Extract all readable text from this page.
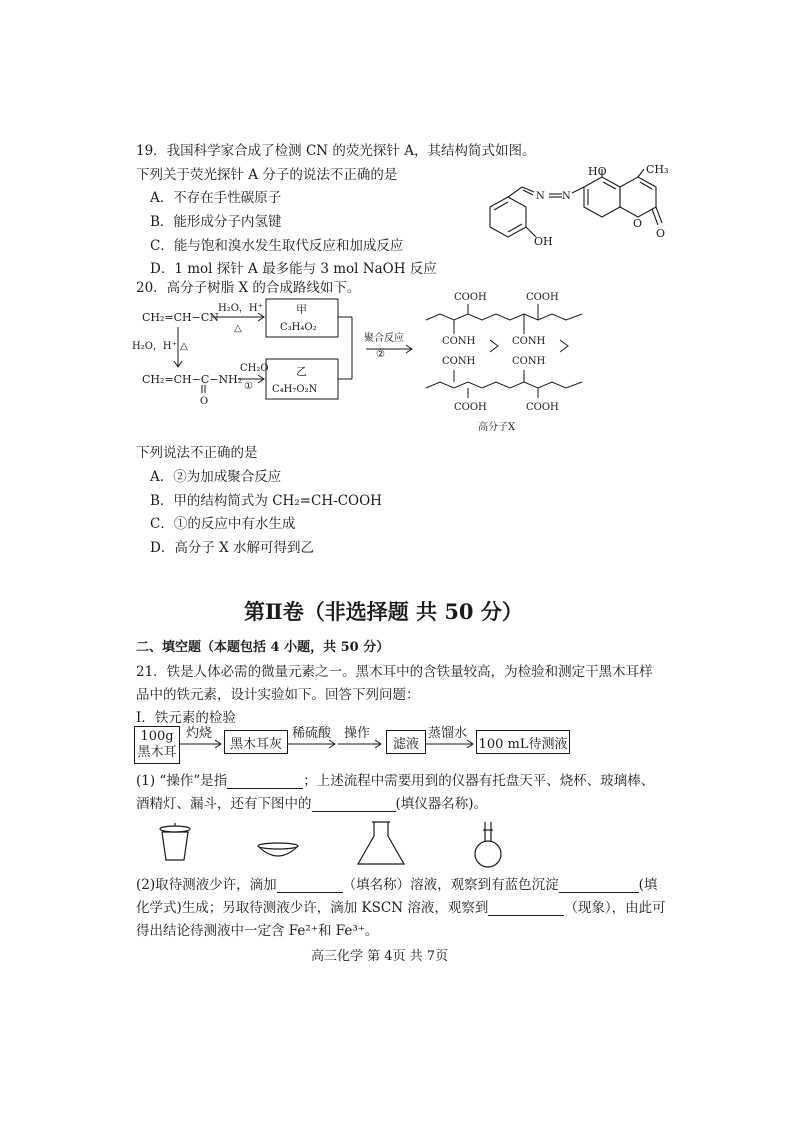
19．我国科学家合成了检测 CN 的荧光探针 A，其结构简式如图。
下列关于荧光探针 A 分子的说法不正确的是
A．不存在手性碳原子
B．能形成分子内氢键
C．能与饱和溴水发生取代反应和加成反应
D．1 mol 探针 A 最多能与 3 mol NaOH 反应
HO
N N
CH₃
OH
O
O
20．高分子树脂 X 的合成路线如下。
CH₂=CH−CN
H₂O，H⁺
△
H₂O，H⁺ △
CH₂=CH−C−NH₂
O
CH₂O
①
甲
C₃H₄O₂
乙
C₄H₇O₂N
聚合反应
②
COOH	COOH
CONH	CONH
CONH	CONH
COOH	COOH
高分子X
下列说法不正确的是
A．②为加成聚合反应
B．甲的结构简式为 CH₂=CH-COOH
C．①的反应中有水生成
D．高分子 X 水解可得到乙
第Ⅱ卷（非选择题 共 50 分）
二、填空题（本题包括 4 小题，共 50 分）
21．铁是人体必需的微量元素之一。黑木耳中的含铁量较高，为检验和测定干黑木耳样
品中的铁元素，设计实验如下。回答下列问题：
I．铁元素的检验
100g
黑木耳
灼烧
黑木耳灰
稀硫酸 操作
滤液
蒸馏水
100 mL待测液
(1) “操作”是指	；上述流程中需要用到的仪器有托盘天平、烧杯、玻璃棒、
酒精灯、漏斗，还有下图中的	(填仪器名称)。
(2)取待测液少许，滴加	（填名称）溶液，观察到有蓝色沉淀	(填
化学式)生成；另取待测液少许，滴加 KSCN 溶液，观察到	（现象），由此可
得出结论待测液中一定含 Fe²⁺和 Fe³⁺。
高三化学 第 4页 共 7页
